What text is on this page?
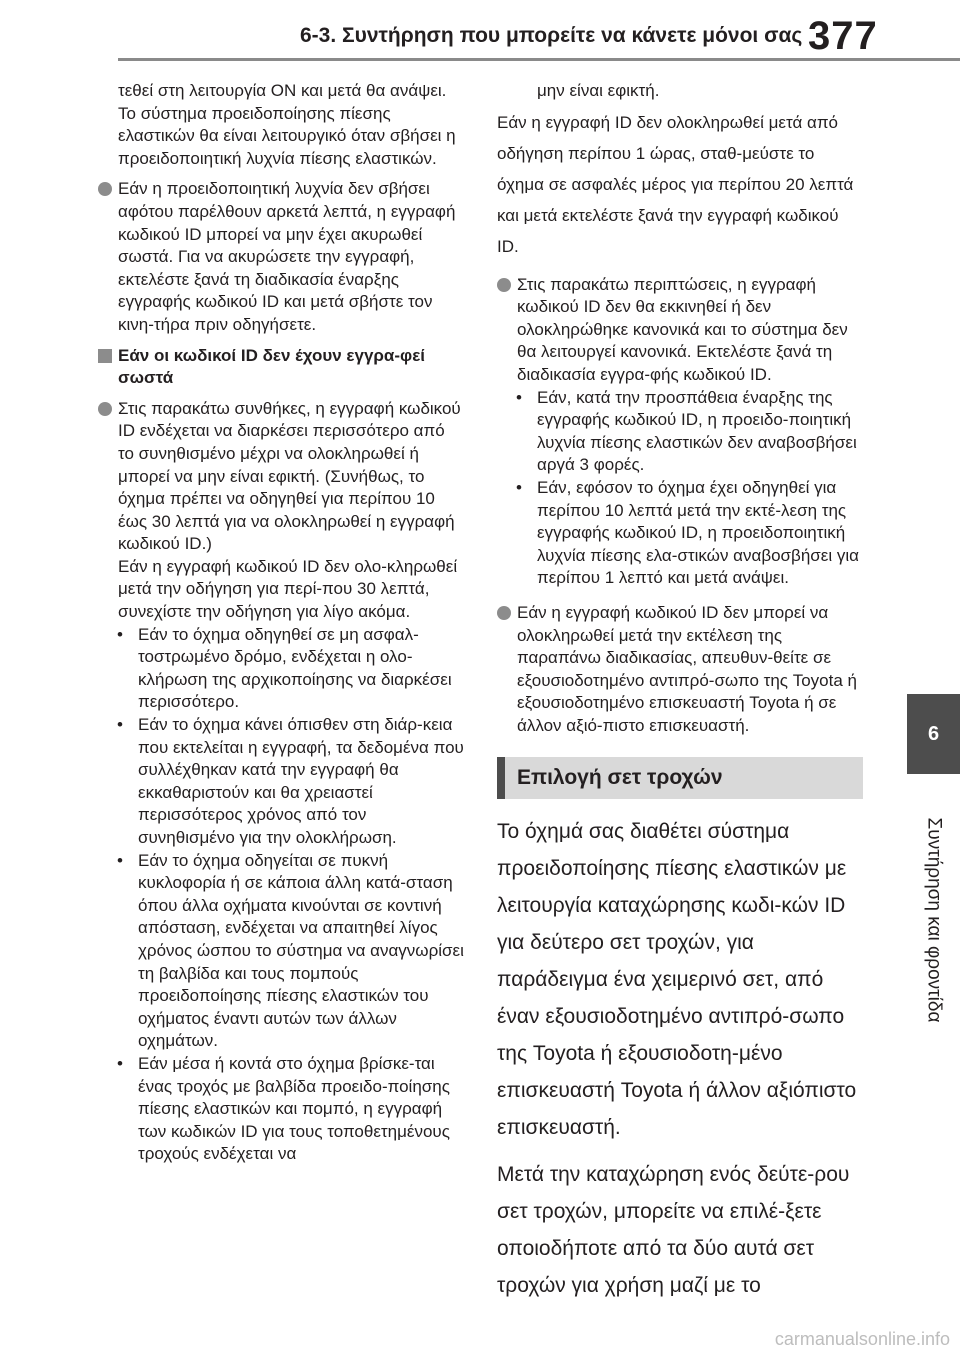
6-3. Συντήρηση που μπορείτε να κάνετε μόνοι σας 377
6
Συντήρηση και φροντίδα
τεθεί στη λειτουργία ON και μετά θα ανάψει. Το σύστημα προειδοποίησης πίεσης ελαστικών θα είναι λειτουργικό όταν σβήσει η προειδοποιητική λυχνία πίεσης ελαστικών.
Εάν η προειδοποιητική λυχνία δεν σβήσει αφότου παρέλθουν αρκετά λεπτά, η εγγραφή κωδικού ID μπορεί να μην έχει ακυρωθεί σωστά. Για να ακυρώσετε την εγγραφή, εκτελέστε ξανά τη διαδικασία έναρξης εγγραφής κωδικού ID και μετά σβήστε τον κινη-τήρα πριν οδηγήσετε.
Εάν οι κωδικοί ID δεν έχουν εγγρα-φεί σωστά
Στις παρακάτω συνθήκες, η εγγραφή κωδικού ID ενδέχεται να διαρκέσει περισσότερο από το συνηθισμένο μέχρι να ολοκληρωθεί ή μπορεί να μην είναι εφικτή. (Συνήθως, το όχημα πρέπει να οδηγηθεί για περίπου 10 έως 30 λεπτά για να ολοκληρωθεί η εγγραφή κωδικού ID.)
Εάν η εγγραφή κωδικού ID δεν ολο-κληρωθεί μετά την οδήγηση για περί-που 30 λεπτά, συνεχίστε την οδήγηση για λίγο ακόμα.
• Εάν το όχημα οδηγηθεί σε μη ασφαλ-τοστρωμένο δρόμο, ενδέχεται η ολο-κλήρωση της αρχικοποίησης να διαρκέσει περισσότερο.
• Εάν το όχημα κάνει όπισθεν στη διάρ-κεια που εκτελείται η εγγραφή, τα δεδομένα που συλλέχθηκαν κατά την εγγραφή θα εκκαθαριστούν και θα χρειαστεί περισσότερος χρόνος από τον συνηθισμένο για την ολοκλήρωση.
• Εάν το όχημα οδηγείται σε πυκνή κυκλοφορία ή σε κάποια άλλη κατά-σταση όπου άλλα οχήματα κινούνται σε κοντινή απόσταση, ενδέχεται να απαιτηθεί λίγος χρόνος ώσπου το σύστημα να αναγνωρίσει τη βαλβίδα και τους πομπούς προειδοποίησης πίεσης ελαστικών του οχήματος έναντι αυτών των άλλων οχημάτων.
• Εάν μέσα ή κοντά στο όχημα βρίσκε-ται ένας τροχός με βαλβίδα προειδο-ποίησης πίεσης ελαστικών και πομπό, η εγγραφή των κωδικών ID για τους τοποθετημένους τροχούς ενδέχεται να
μην είναι εφικτή.
Εάν η εγγραφή ID δεν ολοκληρωθεί μετά από οδήγηση περίπου 1 ώρας, σταθ-μεύστε το όχημα σε ασφαλές μέρος για περίπου 20 λεπτά και μετά εκτελέστε ξανά την εγγραφή κωδικού ID.
Στις παρακάτω περιπτώσεις, η εγγραφή κωδικού ID δεν θα εκκινηθεί ή δεν ολοκληρώθηκε κανονικά και το σύστημα δεν θα λειτουργεί κανονικά. Εκτελέστε ξανά τη διαδικασία εγγρα-φής κωδικού ID.
• Εάν, κατά την προσπάθεια έναρξης της εγγραφής κωδικού ID, η προειδο-ποιητική λυχνία πίεσης ελαστικών δεν αναβοσβήσει αργά 3 φορές.
• Εάν, εφόσον το όχημα έχει οδηγηθεί για περίπου 10 λεπτά μετά την εκτέ-λεση της εγγραφής κωδικού ID, η προειδοποιητική λυχνία πίεσης ελα-στικών αναβοσβήσει για περίπου 1 λεπτό και μετά ανάψει.
Εάν η εγγραφή κωδικού ID δεν μπορεί να ολοκληρωθεί μετά την εκτέλεση της παραπάνω διαδικασίας, απευθυν-θείτε σε εξουσιοδοτημένο αντιπρό-σωπο της Toyota ή εξουσιοδοτημένο επισκευαστή Toyota ή σε άλλον αξιό-πιστο επισκευαστή.
Επιλογή σετ τροχών
Το όχημά σας διαθέτει σύστημα προειδοποίησης πίεσης ελαστικών με λειτουργία καταχώρησης κωδι-κών ID για δεύτερο σετ τροχών, για παράδειγμα ένα χειμερινό σετ, από έναν εξουσιοδοτημένο αντιπρό-σωπο της Toyota ή εξουσιοδοτη-μένο επισκευαστή Toyota ή άλλον αξιόπιστο επισκευαστή.
Μετά την καταχώρηση ενός δεύτε-ρου σετ τροχών, μπορείτε να επιλέ-ξετε οποιοδήποτε από τα δύο αυτά σετ τροχών για χρήση μαζί με το
carmanualsonline.info
